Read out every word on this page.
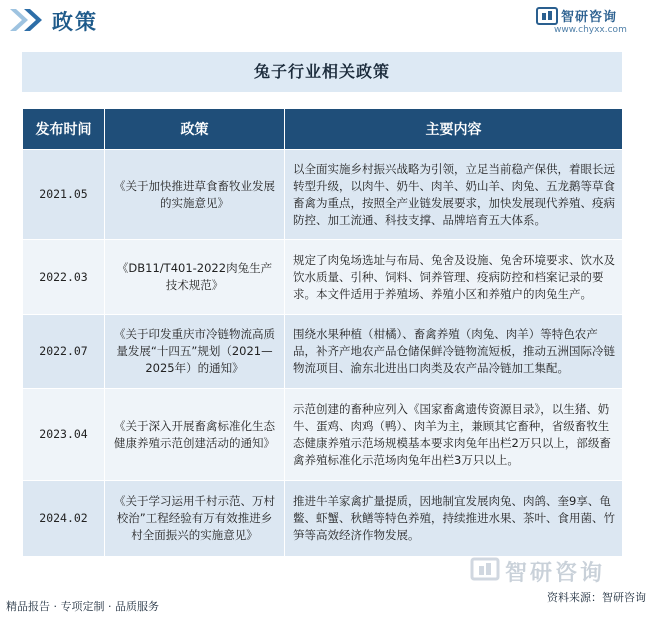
政策	智研咨询
www.chyxx.com
兔子行业相关政策
发布时间	政策	主要内容
2021.05	《关于加快推进草食畜牧业发展的实施意见》	以全面实施乡村振兴战略为引领，立足当前稳产保供，着眼长远转型升级，以肉牛、奶牛、肉羊、奶山羊、肉兔、五龙鹅等草食畜禽为重点，按照全产业链发展要求，加快发展现代养殖、疫病防控、加工流通、科技支撑、品牌培育五大体系。
2022.03	《DB11/T401-2022肉兔生产技术规范》	规定了肉兔场选址与布局、兔舍及设施、兔舍环境要求、饮水及饮水质量、引种、饲料、饲养管理、疫病防控和档案记录的要求。本文件适用于养殖场、养殖小区和养殖户的肉兔生产。
2022.07	《关于印发重庆市冷链物流高质量发展“十四五”规划（2021—2025年）的通知》	围绕水果种植（柑橘）、畜禽养殖（肉兔、肉羊）等特色农产品，补齐产地农产品仓储保鲜冷链物流短板，推动五洲国际冷链物流项目、渝东北进出口肉类及农产品冷链加工集配。
2023.04	《关于深入开展畜禽标准化生态健康养殖示范创建活动的通知》	示范创建的畜种应列入《国家畜禽遗传资源目录》，以生猪、奶牛、蛋鸡、肉鸡（鸭）、肉羊为主，兼顾其它畜种，省级畜牧生态健康养殖示范场规模基本要求肉兔年出栏2万只以上，部级畜禽养殖标准化示范场肉兔年出栏3万只以上。
2024.02	《关于学习运用千村示范、万村校治”工程经验有万有效推进乡村全面振兴的实施意见》	推进牛羊家禽扩量提质，因地制宜发展肉兔、肉鸽、奎9享、龟鳖、虾蟹、秋鳝等特色养殖，持续推进水果、茶叶、食用菌、竹笋等高效经济作物发展。
智研咨询
精品报告 · 专项定制 · 品质服务
资料来源：智研咨询
